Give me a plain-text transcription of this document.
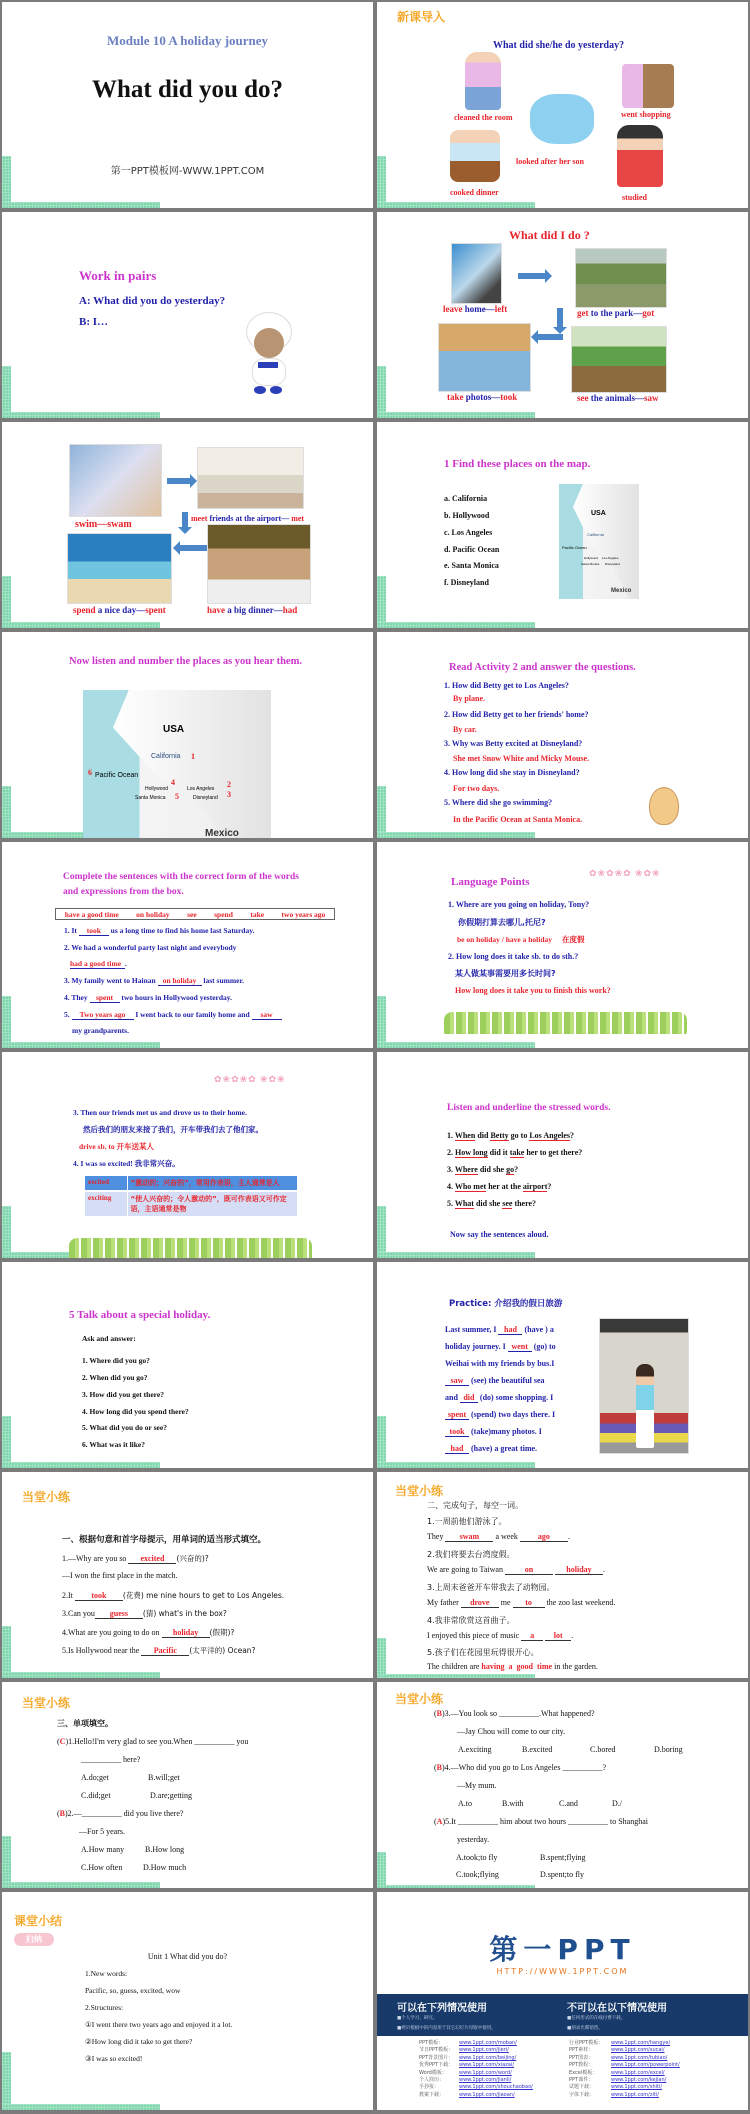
Module 10 A holiday journey
What did you do?
第一PPT模板网-WWW.1PPT.COM
新课导入
What did she/he do yesterday?
cleaned the room	went shopping
looked after her son
cooked dinner
studied
Work in pairs
A: What did you do yesterday?
B: I…
What did I do ?
leave home—left	get to the park—got
take photos—took	see the animals—saw
swim—swam
meet friends at the airport— met
spend a nice day—spent	have a big dinner—had
1 Find these places on the map.
a. California
b. Hollywood
c. Los Angeles
d. Pacific Ocean
e. Santa Monica
f. Disneyland
USA
California
Pacific Ocean
Hollywood Los Angeles
Santa Monica Disneyland
Mexico
Now listen and number the places as you hear them.
USA
California
Pacific Ocean
Hollywood	Los Angeles
Santa Monica	Disneyland
Mexico
1
2
3
4
5
6
Read Activity 2 and answer the questions.
1. How did Betty get to Los Angeles?
By plane.
2. How did Betty get to her friends' home?
By car.
3. Why was Betty excited at Disneyland?
She met Snow White and Micky Mouse.
4. How long did she stay in Disneyland?
For two days.
5. Where did she go swimming?
In the Pacific Ocean at Santa Monica.
Complete the sentences with the correct form of the words and expressions from the box.
have a good time on holiday see spend take two years ago
1. It took us a long time to find his home last Saturday.
2. We had a wonderful party last night and everybody
had a good time .
3. My family went to Hainan on holiday last summer.
4. They spent two hours in Hollywood yesterday.
5. Two years ago I went back to our family home and saw
my grandparents.
✿❀✿❀✿ ❀✿❀
Language Points
1. Where are you going on holiday, Tony?
你假期打算去哪儿,托尼?
be on holiday / have a holiday 在度假
2. How long does it take sb. to do sth.?
某人做某事需要用多长时间?
How long does it take you to finish this work?
✿❀✿❀✿ ❀✿❀
3. Then our friends met us and drove us to their home.
然后我们的朋友来接了我们，开车带我们去了他们家。
drive sb. to 开车送某人
4. I was so excited! 我非常兴奋。
excited	“激动的；兴奋的”，常用作表语，主人通常是人
exciting	“使人兴奋的；令人激动的”，既可作表语又可作定语，主语通常是物
Listen and underline the stressed words.
1. When did Betty go to Los Angeles?
2. How long did it take her to get there?
3. Where did she go?
4. Who met her at the airport?
5. What did she see there?
Now say the sentences aloud.
5 Talk about a special holiday.
Ask and answer:
1. Where did you go?
2. When did you go?
3. How did you get there?
4. How long did you spend there?
5. What did you do or see?
6. What was it like?
Practice: 介绍我的假日旅游
Last summer, I had (have ) a
holiday journey. I went (go) to
Weihai with my friends by bus.I
saw (see) the beautiful sea
and did (do) some shopping. I
spent (spend) two days there. I
took (take)many photos. I
had (have) a great time.
当堂小练
一、根据句意和首字母提示，用单词的适当形式填空。
1.—Why are you so excited (兴奋的)?
—I won the first place in the match.
2.It took (花费) me nine hours to get to Los Angeles.
3.Can you guess (猜) what's in the box?
4.What are you going to do on holiday (假期)?
5.Is Hollywood near the Pacific (太平洋的) Ocean?
当堂小练
二、完成句子，每空一词。
1.一周前他们游泳了。
They swam a week ago .
2.我们将要去台湾度假。
We are going to Taiwan on	holiday .
3.上周末爸爸开车带我去了动物园。
My father drove me to the zoo last weekend.
4.我非常欣赏这首曲子。
I enjoyed this piece of music a lot .
5.孩子们在花园里玩得很开心。
The children are having  a  good  time in the garden.
当堂小练
三、单项填空。
(C)1.Hello!I'm very glad to see you.When __________ you
__________ here?
A.do;get	B.will;get
C.did;get	D.are;getting
(B)2.—__________ did you live there?
—For 5 years.
A.How many	B.How long
C.How often	D.How much
当堂小练
(B)3.—You look so __________.What happened?
—Jay Chou will come to our city.
A.exciting	B.excited	C.bored	D.boring
(B)4.—Who did you go to Los Angeles __________?
—My mum.
A.to	B.with	C.and	D./
(A)5.It __________ him about two hours __________ to Shanghai
yesterday.
A.took;to fly	B.spent;flying
C.took;flying	D.spent;to fly
课堂小结
归纳
Unit 1 What did you do?
1.New words:
Pacific, so, guess, excited, wow
2.Structures:
①I went there two years ago and enjoyed it a lot.
②How long did it take to get there?
③I was so excited!
第一PPT
HTTP://WWW.1PPT.COM
可以在下列情况使用
■个人学习、研究。
■拷贝模板中的内容用于其它幻灯片母版中使用。
不可以在以下情况使用
■任何形式的在线付费下载。
■刻录光碟销售。
PPT模板：	www.1ppt.com/moban/
节日PPT模板： www.1ppt.com/jieri/
PPT背景图片： www.1ppt.com/beijing/
优秀PPT下载： www.1ppt.com/xiazai/
Word模板： www.1ppt.com/word/
个人简历：	www.1ppt.com/jianli/
手抄报：	www.1ppt.com/shouchaobao/
教案下载：	www.1ppt.com/jiaoan/
行业PPT模板： www.1ppt.com/hangye/
PPT素材：	www.1ppt.com/sucai/
PPT图表：	www.1ppt.com/tubiao/
PPT教程：	www.1ppt.com/powerpoint/
Excel模板：	www.1ppt.com/excel/
PPT课件：	www.1ppt.com/kejian/
试题下载：	www.1ppt.com/shiti/
字体下载：	www.1ppt.com/ziti/
